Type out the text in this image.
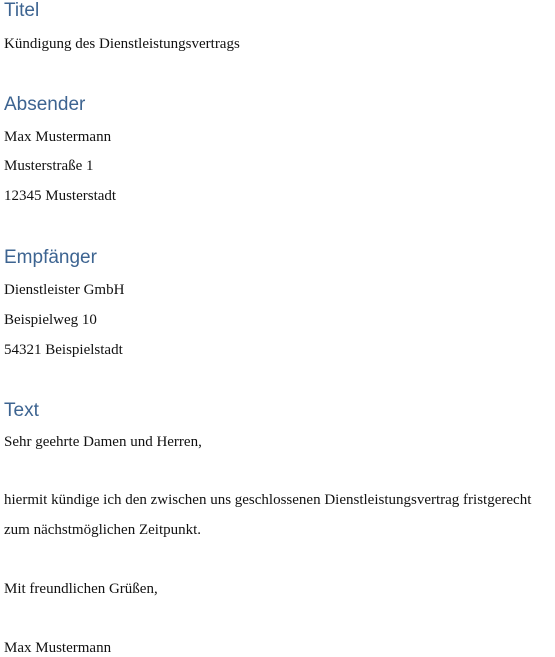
Titel

Kündigung des Dienstleistungsvertrags

Absender

Max Mustermann

Musterstraße 1

12345 Musterstadt

Empfänger

Dienstleister GmbH

Beispielweg 10

54321 Beispielstadt

Text

Sehr geehrte Damen und Herren,

hiermit kündige ich den zwischen uns geschlossenen Dienstleistungsvertrag fristgerecht zum nächstmöglichen Zeitpunkt.

Mit freundlichen Grüßen,

Max Mustermann
